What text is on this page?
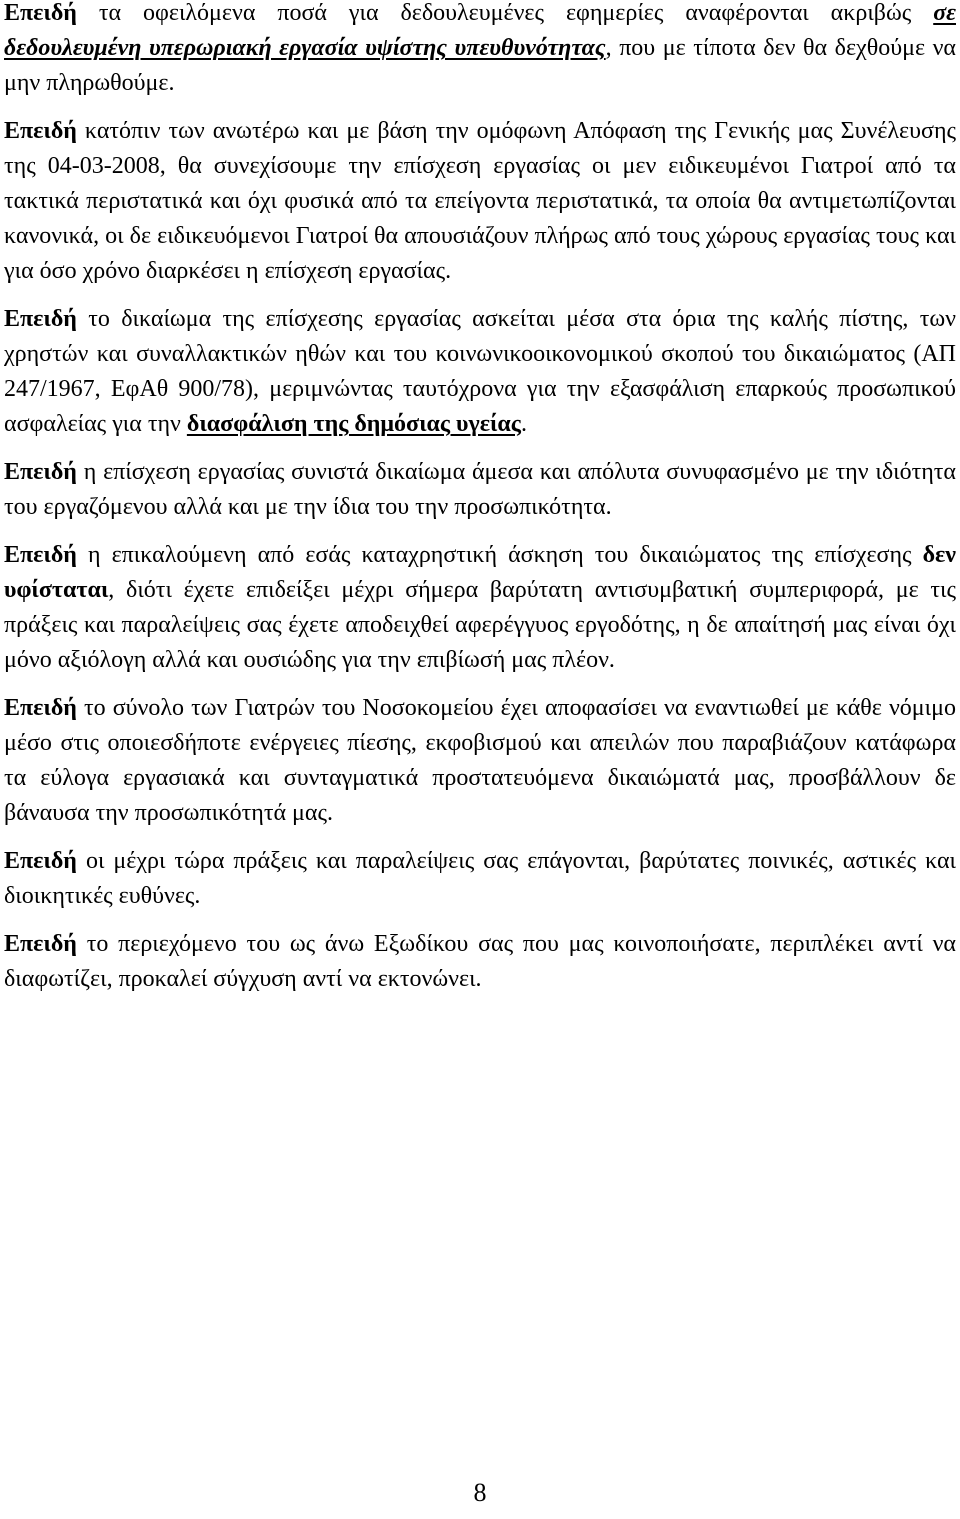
Επειδή τα οφειλόμενα ποσά για δεδουλευμένες εφημερίες αναφέρονται ακριβώς σε δεδουλευμένη υπερωριακή εργασία υψίστης υπευθυνότητας, που με τίποτα δεν θα δεχθούμε να μην πληρωθούμε.

Επειδή κατόπιν των ανωτέρω και με βάση την ομόφωνη Απόφαση της Γενικής μας Συνέλευσης της 04-03-2008, θα συνεχίσουμε την επίσχεση εργασίας οι μεν ειδικευμένοι Γιατροί από τα τακτικά περιστατικά και όχι φυσικά από τα επείγοντα περιστατικά, τα οποία θα αντιμετωπίζονται κανονικά, οι δε ειδικευόμενοι Γιατροί θα απουσιάζουν πλήρως από τους χώρους εργασίας τους και για όσο χρόνο διαρκέσει η επίσχεση εργασίας.

Επειδή το δικαίωμα της επίσχεσης εργασίας ασκείται μέσα στα όρια της καλής πίστης, των χρηστών και συναλλακτικών ηθών και του κοινωνικοοικονομικού σκοπού του δικαιώματος (ΑΠ 247/1967, ΕφΑθ 900/78), μεριμνώντας ταυτόχρονα για την εξασφάλιση επαρκούς προσωπικού ασφαλείας για την διασφάλιση της δημόσιας υγείας.

Επειδή η επίσχεση εργασίας συνιστά δικαίωμα άμεσα και απόλυτα συνυφασμένο με την ιδιότητα του εργαζόμενου αλλά και με την ίδια του την προσωπικότητα.

Επειδή η επικαλούμενη από εσάς καταχρηστική άσκηση του δικαιώματος της επίσχεσης δεν υφίσταται, διότι έχετε επιδείξει μέχρι σήμερα βαρύτατη αντισυμβατική συμπεριφορά, με τις πράξεις και παραλείψεις σας έχετε αποδειχθεί αφερέγγυος εργοδότης, η δε απαίτησή μας είναι όχι μόνο αξιόλογη αλλά και ουσιώδης για την επιβίωσή μας πλέον.

Επειδή το σύνολο των Γιατρών του Νοσοκομείου έχει αποφασίσει να εναντιωθεί με κάθε νόμιμο μέσο στις οποιεσδήποτε ενέργειες πίεσης, εκφοβισμού και απειλών που παραβιάζουν κατάφωρα τα εύλογα εργασιακά και συνταγματικά προστατευόμενα δικαιώματά μας, προσβάλλουν δε βάναυσα την προσωπικότητά μας.

Επειδή οι μέχρι τώρα πράξεις και παραλείψεις σας επάγονται, βαρύτατες ποινικές, αστικές και διοικητικές ευθύνες.

Επειδή το περιεχόμενο του ως άνω Εξωδίκου σας που μας κοινοποιήσατε, περιπλέκει αντί να διαφωτίζει, προκαλεί σύγχυση αντί να εκτονώνει.

8
